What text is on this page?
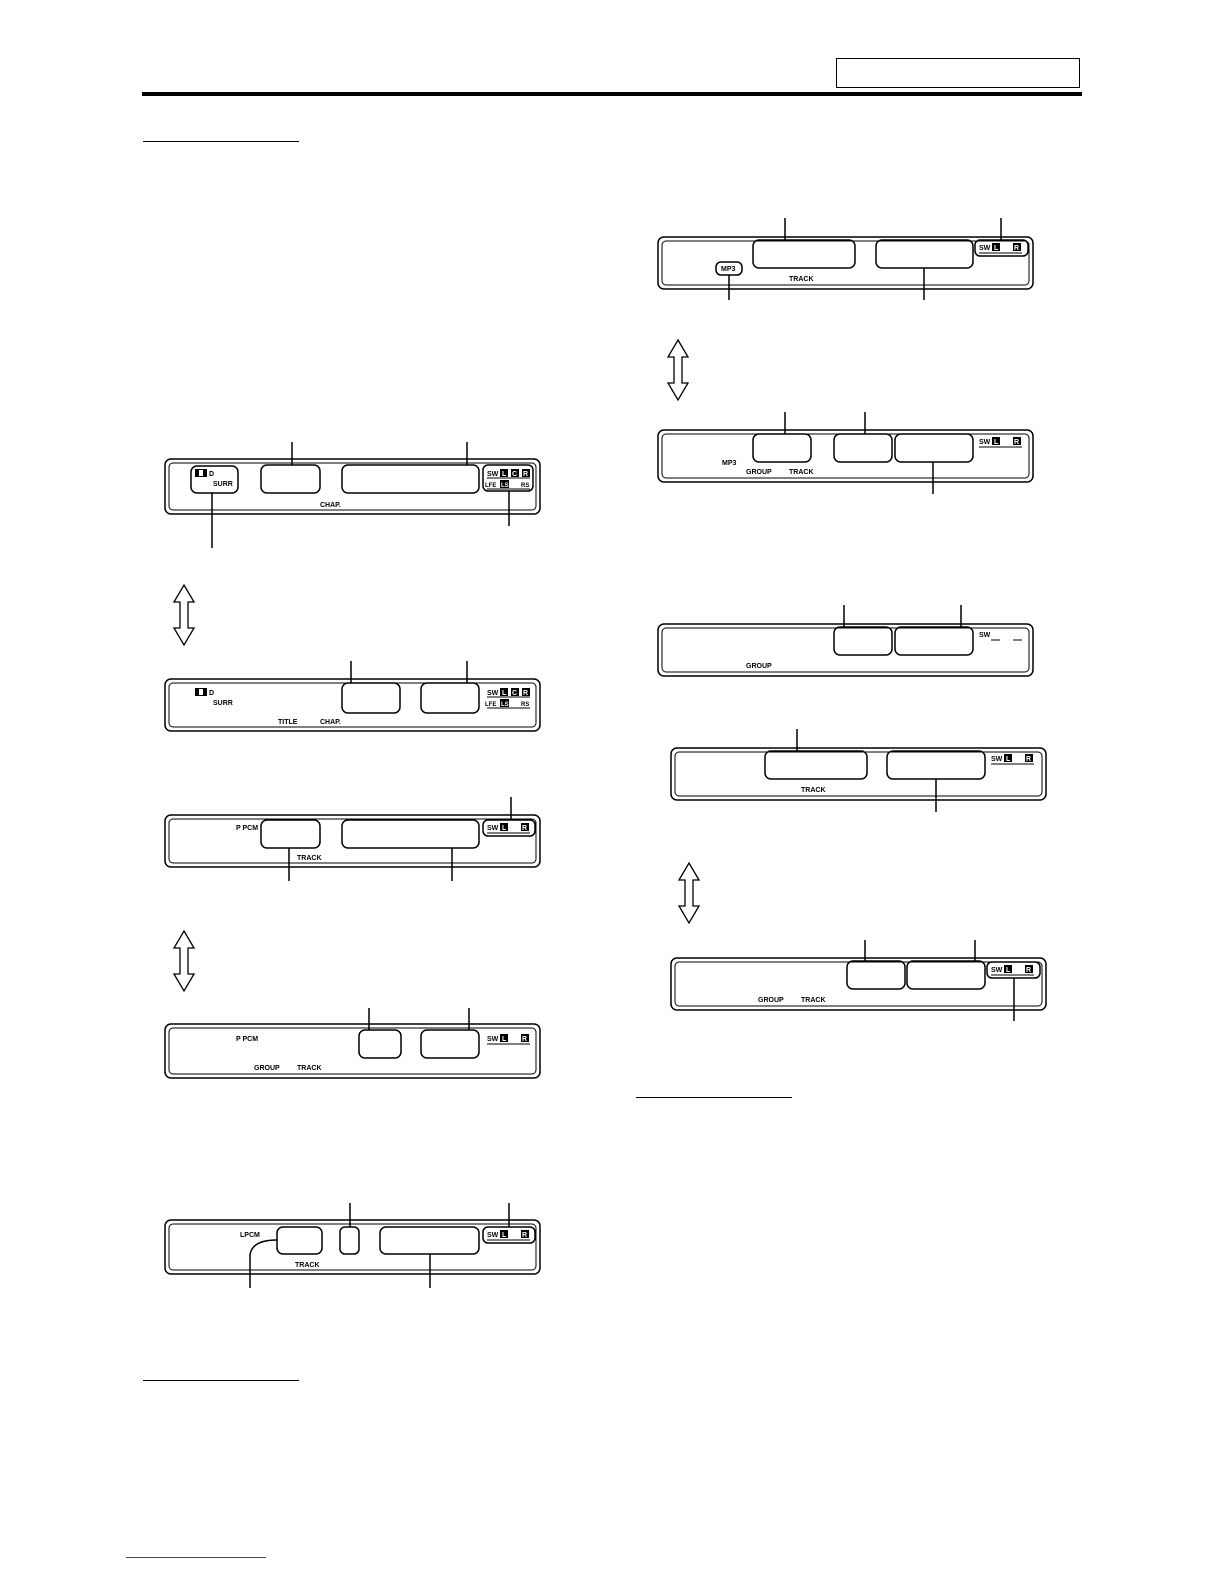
D
SURR
CHAP.
SW L C R
LFE LS RS
D
SURR
TITLE	CHAP.
SW L C R
LFE LS RS
P PCM
TRACK
SW L R
P PCM
GROUP TRACK
SW L R
LPCM
TRACK
SW L R
MP3
TRACK
SW L R
MP3
GROUP TRACK
SW L R
GROUP
SW
TRACK
SW L R
GROUP TRACK
SW L R
